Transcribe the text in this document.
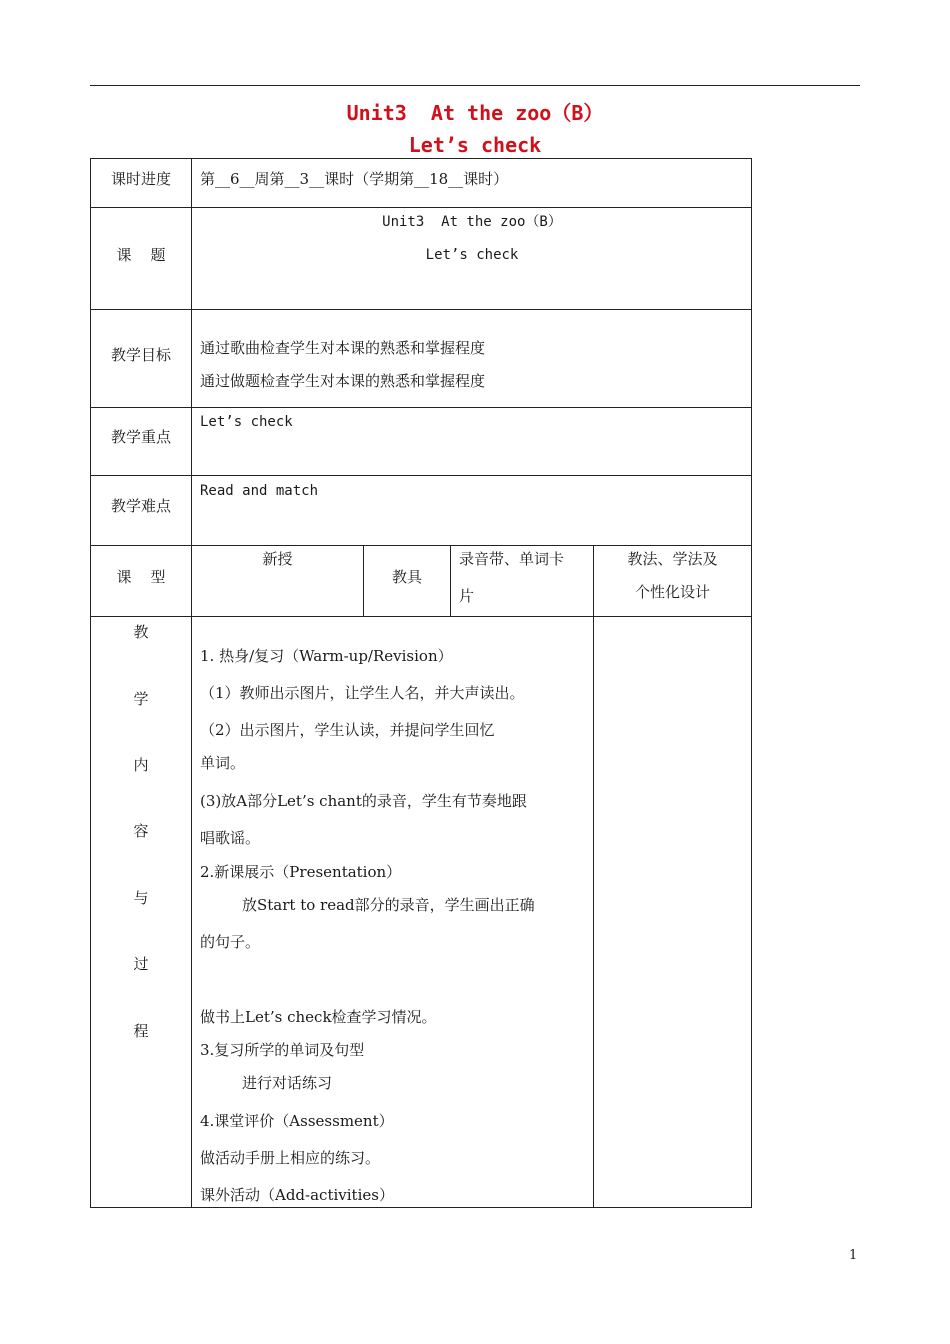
Unit3  At the zoo（B）
Let’s check
课时进度	第__6__周第__3__课时（学期第__18__课时）
课    题
Unit3  At the zoo（B）
Let’s check
教学目标	通过歌曲检查学生对本课的熟悉和掌握程度
通过做题检查学生对本课的熟悉和掌握程度
教学重点
Let’s check
教学难点
Read and match
课    型
新授
教具
录音带、单词卡
片
教法、学法及
个性化设计
教
学
内
容
与
过
程
1. 热身/复习（Warm-up/Revision）
（1）教师出示图片，让学生人名，并大声读出。
（2）出示图片，学生认读，并提问学生回忆
单词。
(3)放A部分Let’s chant的录音，学生有节奏地跟
唱歌谣。
2.新课展示（Presentation）
放Start to read部分的录音，学生画出正确
的句子。
做书上Let’s check检查学习情况。
3.复习所学的单词及句型
进行对话练习
4.课堂评价（Assessment）
做活动手册上相应的练习。
课外活动（Add-activities）
1
